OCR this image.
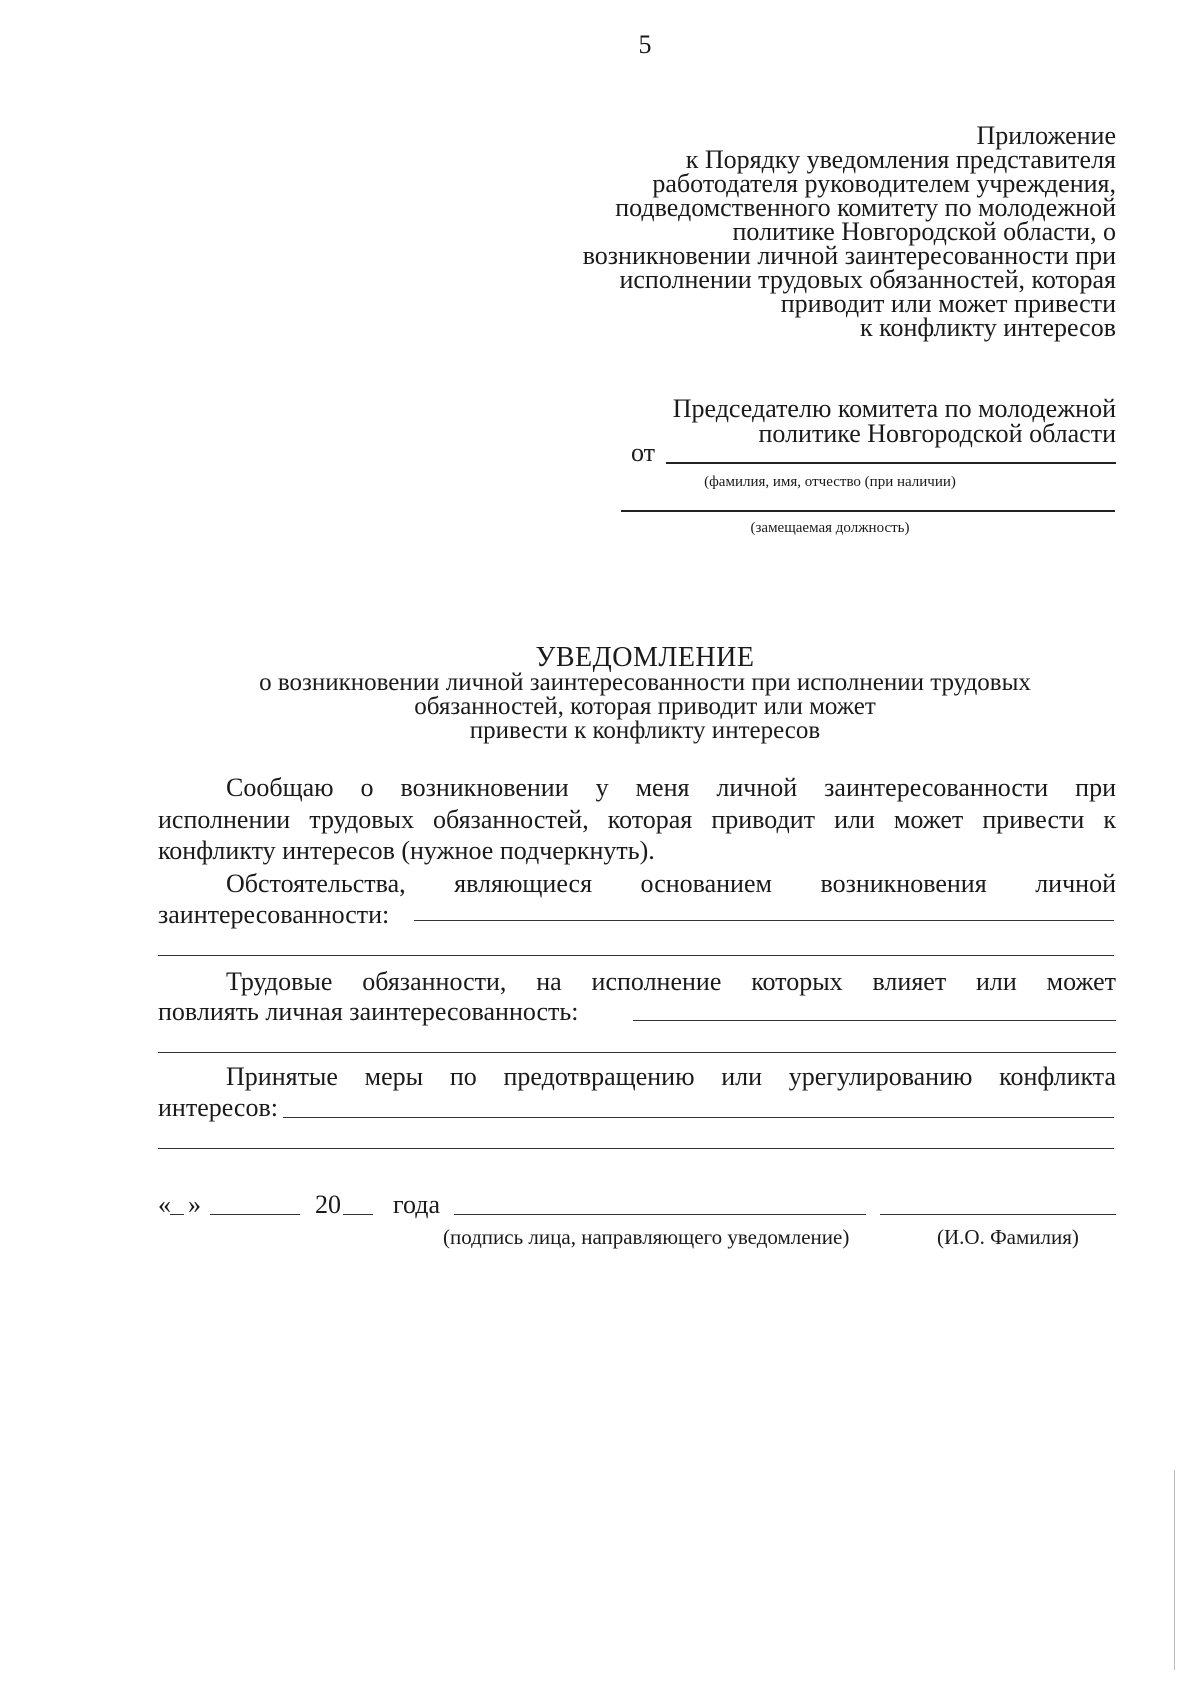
5
Приложение
к Порядку уведомления представителя
работодателя руководителем учреждения,
подведомственного комитету по молодежной
политике Новгородской области, о
возникновении личной заинтересованности при
исполнении трудовых обязанностей, которая
приводит или может привести
к конфликту интересов
Председателю комитета по молодежной
политике Новгородской области
от
(фамилия, имя, отчество (при наличии)
(замещаемая должность)
УВЕДОМЛЕНИЕ
о возникновении личной заинтересованности при исполнении трудовых
обязанностей, которая приводит или может
привести к конфликту интересов
Сообщаю о возникновении у меня личной заинтересованности при
исполнении трудовых обязанностей, которая приводит или может привести к
конфликту интересов (нужное подчеркнуть).
Обстоятельства, являющиеся основанием возникновения личной
заинтересованности:
Трудовые обязанности, на исполнение которых влияет или может
повлиять личная заинтересованность:
Принятые меры по предотвращению или урегулированию конфликта
интересов:
« »	20 года
(подпись лица, направляющего уведомление)	(И.О. Фамилия)
